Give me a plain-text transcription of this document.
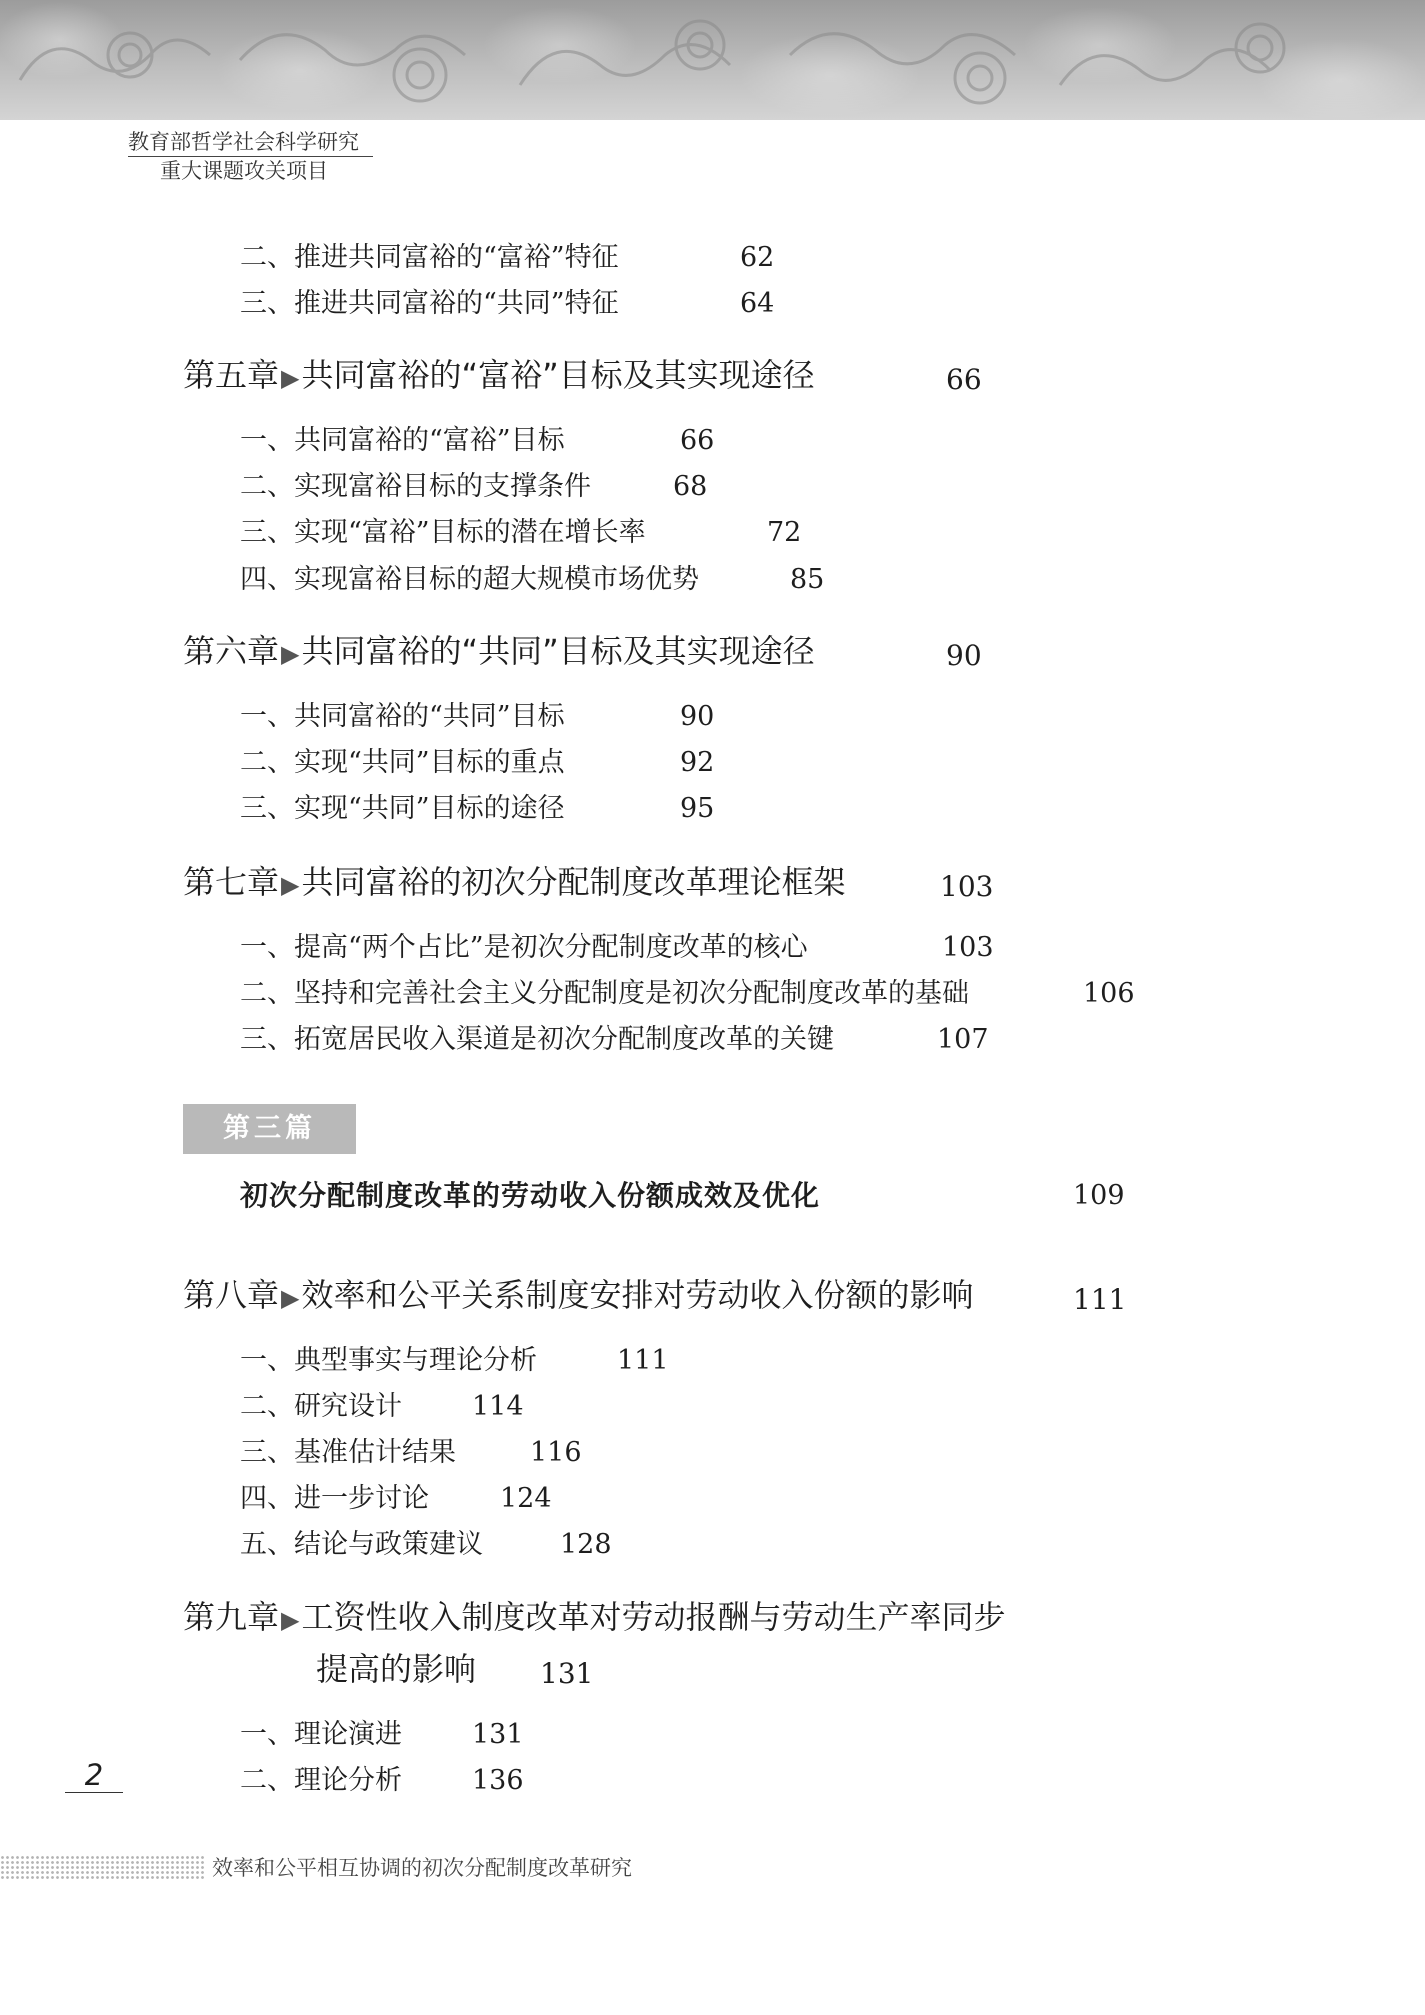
教育部哲学社会科学研究
重大课题攻关项目
二、推进共同富裕的“富裕”特征	62
三、推进共同富裕的“共同”特征	64
第五章▶共同富裕的“富裕”目标及其实现途径	66
一、共同富裕的“富裕”目标	66
二、实现富裕目标的支撑条件	68
三、实现“富裕”目标的潜在增长率	72
四、实现富裕目标的超大规模市场优势	85
第六章▶共同富裕的“共同”目标及其实现途径	90
一、共同富裕的“共同”目标	90
二、实现“共同”目标的重点	92
三、实现“共同”目标的途径	95
第七章▶共同富裕的初次分配制度改革理论框架	103
一、提高“两个占比”是初次分配制度改革的核心	103
二、坚持和完善社会主义分配制度是初次分配制度改革的基础	106
三、拓宽居民收入渠道是初次分配制度改革的关键	107
第三篇
初次分配制度改革的劳动收入份额成效及优化	109
第八章▶效率和公平关系制度安排对劳动收入份额的影响	111
一、典型事实与理论分析	111
二、研究设计	114
三、基准估计结果	116
四、进一步讨论	124
五、结论与政策建议	128
第九章▶工资性收入制度改革对劳动报酬与劳动生产率同步
提高的影响 131
一、理论演进	131
二、理论分析	136
2
效率和公平相互协调的初次分配制度改革研究
